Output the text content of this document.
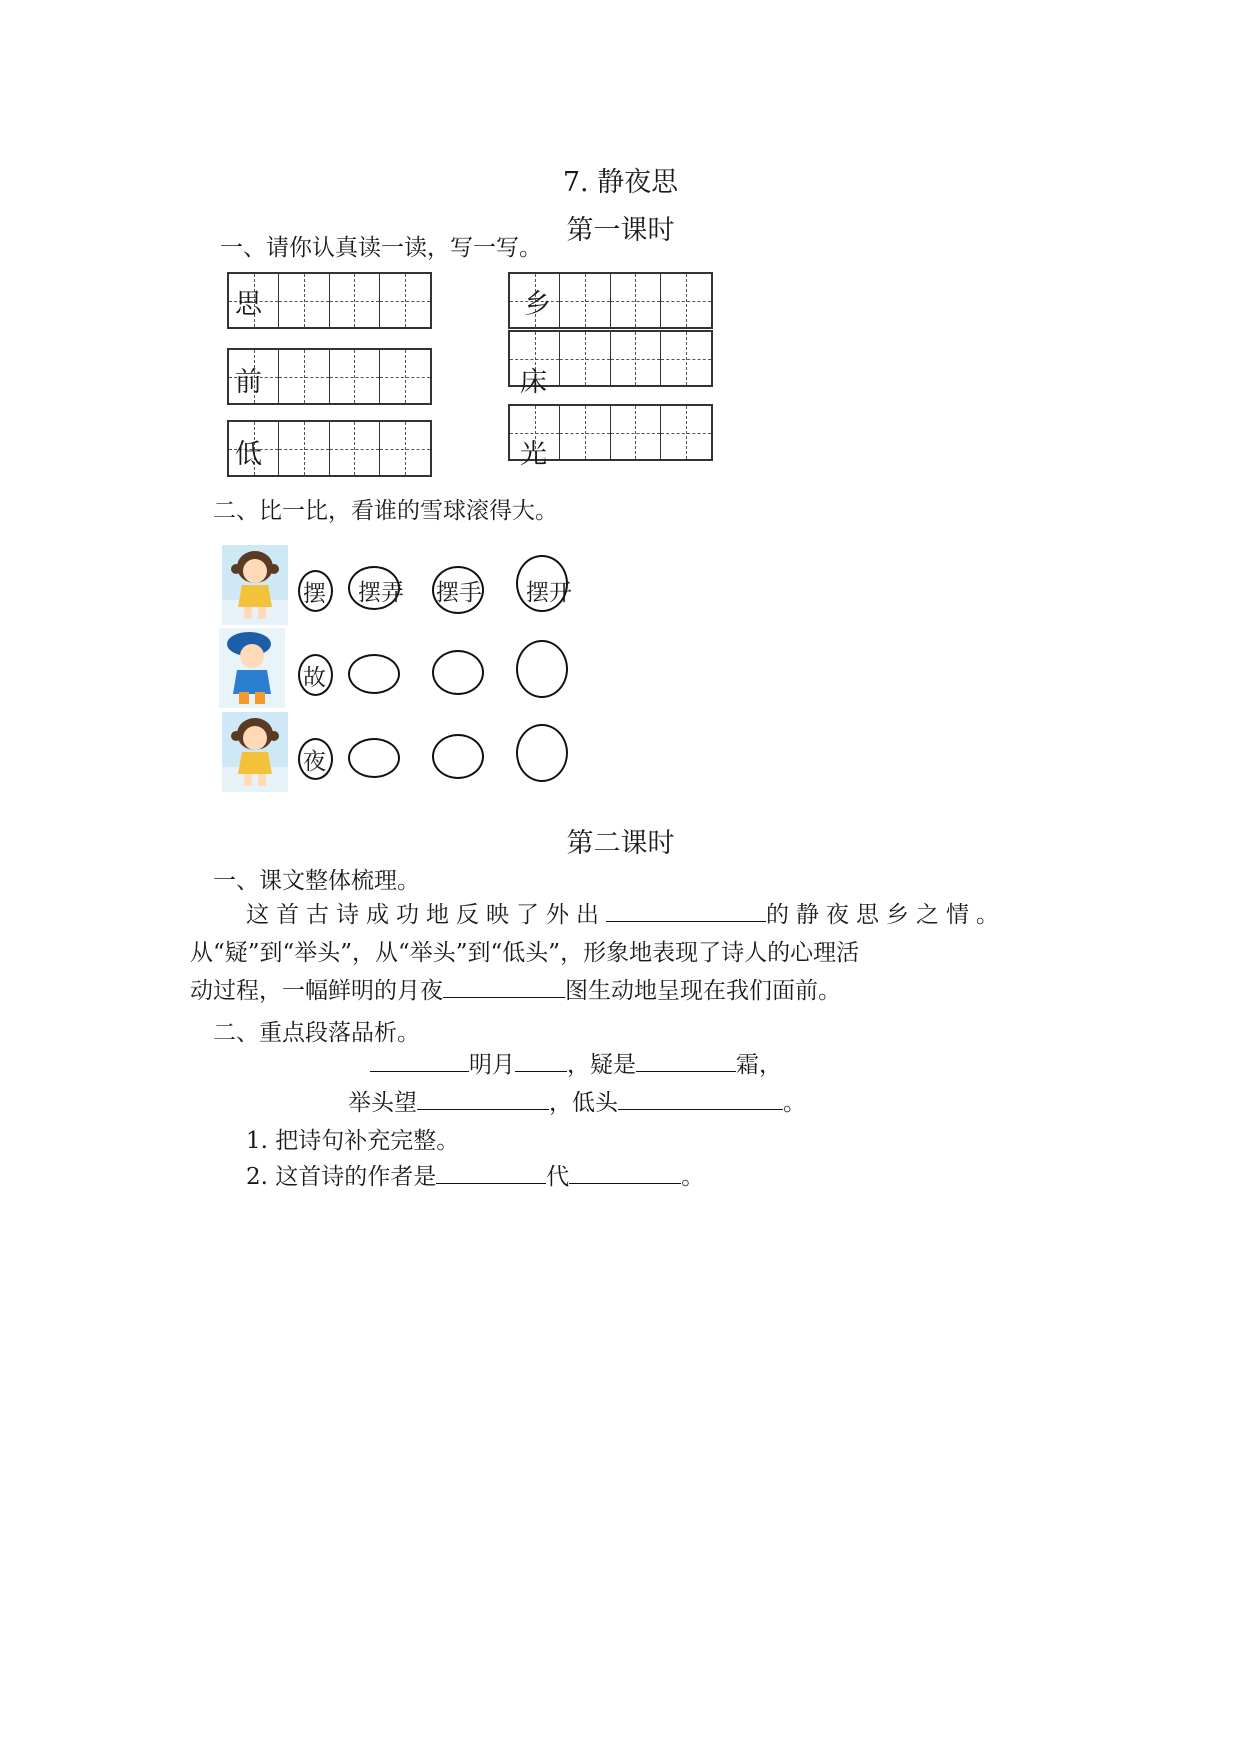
7. 静夜思
第一课时
一、请你认真读一读，写一写。
思
前
低
乡
床
光
二、比一比，看谁的雪球滚得大。
摆 摆弄 摆手 摆开
故
夜
第二课时
一、课文整体梳理。
这首古诗成功地反映了外出	的静夜思乡之情。
从“疑”到“举头”，从“举头”到“低头”，形象地表现了诗人的心理活
动过程，一幅鲜明的月夜	图生动地呈现在我们面前。
二、重点段落品析。
明月 ，疑是	霜，
举头望	，低头	。
1. 把诗句补充完整。
2. 这首诗的作者是	代	。
